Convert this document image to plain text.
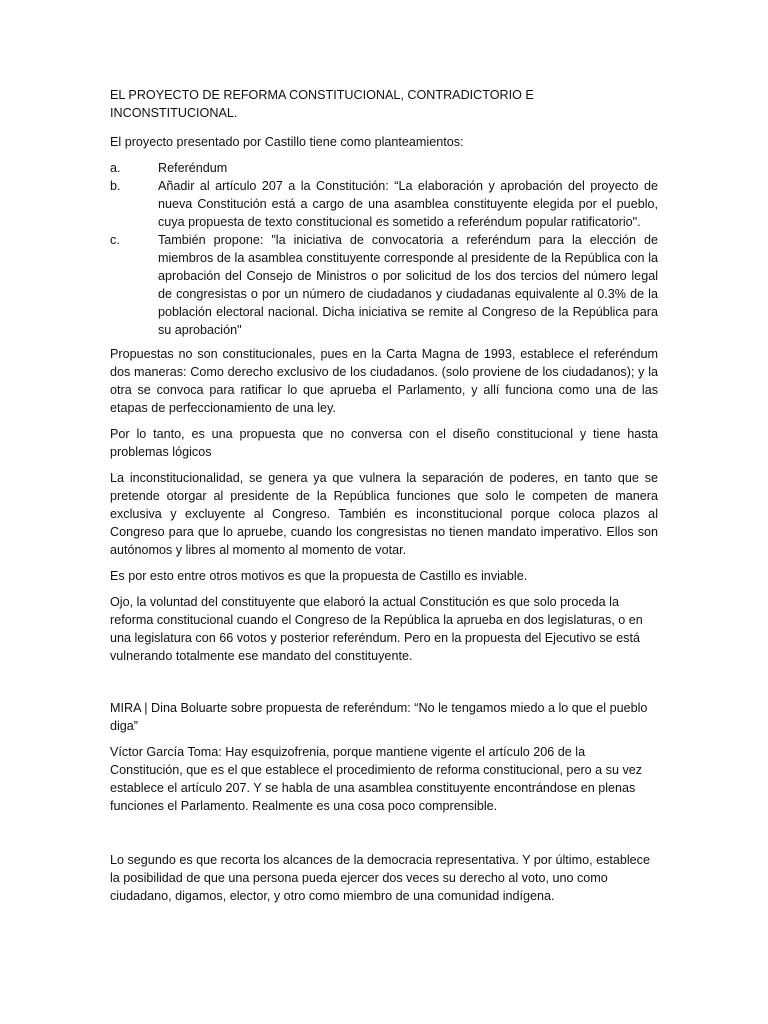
EL PROYECTO DE REFORMA CONSTITUCIONAL, CONTRADICTORIO E INCONSTITUCIONAL.

El proyecto presentado por Castillo tiene como planteamientos:

a.	Referéndum
b.	Añadir al artículo 207 a la Constitución: “La elaboración y aprobación del proyecto de nueva Constitución está a cargo de una asamblea constituyente elegida por el pueblo, cuya propuesta de texto constitucional es sometido a referéndum popular ratificatorio".
c.	También propone: "la iniciativa de convocatoria a referéndum para la elección de miembros de la asamblea constituyente corresponde al presidente de la República con la aprobación del Consejo de Ministros o por solicitud de los dos tercios del número legal de congresistas o por un número de ciudadanos y ciudadanas equivalente al 0.3% de la población electoral nacional. Dicha iniciativa se remite al Congreso de la República para su aprobación"

Propuestas no son constitucionales, pues en la Carta Magna de 1993, establece el referéndum dos maneras: Como derecho exclusivo de los ciudadanos. (solo proviene de los ciudadanos); y la otra se convoca para ratificar lo que aprueba el Parlamento, y allí funciona como una de las etapas de perfeccionamiento de una ley.

Por lo tanto, es una propuesta que no conversa con el diseño constitucional y tiene hasta problemas lógicos

La inconstitucionalidad, se genera ya que vulnera la separación de poderes, en tanto que se pretende otorgar al presidente de la República funciones que solo le competen de manera exclusiva y excluyente al Congreso. También es inconstitucional porque coloca plazos al Congreso para que lo apruebe, cuando los congresistas no tienen mandato imperativo. Ellos son autónomos y libres al momento al momento de votar.

Es por esto entre otros motivos es que la propuesta de Castillo es inviable.

Ojo, la voluntad del constituyente que elaboró la actual Constitución es que solo proceda la reforma constitucional cuando el Congreso de la República la aprueba en dos legislaturas, o en una legislatura con 66 votos y posterior referéndum. Pero en la propuesta del Ejecutivo se está vulnerando totalmente ese mandato del constituyente.

MIRA | Dina Boluarte sobre propuesta de referéndum: “No le tengamos miedo a lo que el pueblo diga”

Víctor García Toma: Hay esquizofrenia, porque mantiene vigente el artículo 206 de la Constitución, que es el que establece el procedimiento de reforma constitucional, pero a su vez establece el artículo 207. Y se habla de una asamblea constituyente encontrándose en plenas funciones el Parlamento. Realmente es una cosa poco comprensible.

Lo segundo es que recorta los alcances de la democracia representativa. Y por último, establece la posibilidad de que una persona pueda ejercer dos veces su derecho al voto, uno como ciudadano, digamos, elector, y otro como miembro de una comunidad indígena.
